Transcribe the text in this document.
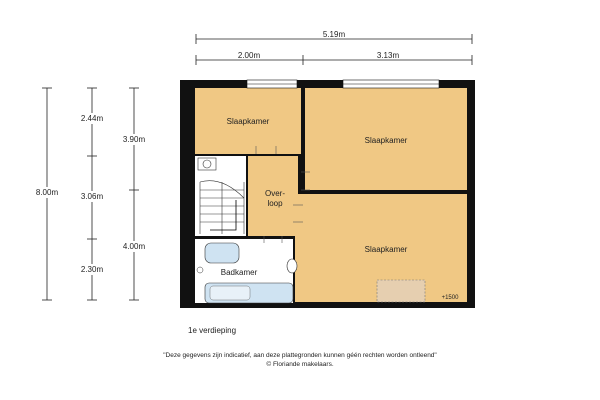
5.19m
2.00m	3.13m
8.00m
2.44m
3.06m
2.30m
3.90m
4.00m
Slaapkamer
Slaapkamer
Slaapkamer
Over-
loop
Badkamer
+1500
1e verdieping
"Deze gegevens zijn indicatief, aan deze plattegronden kunnen géén rechten worden ontleend"
© Floriande makelaars.
